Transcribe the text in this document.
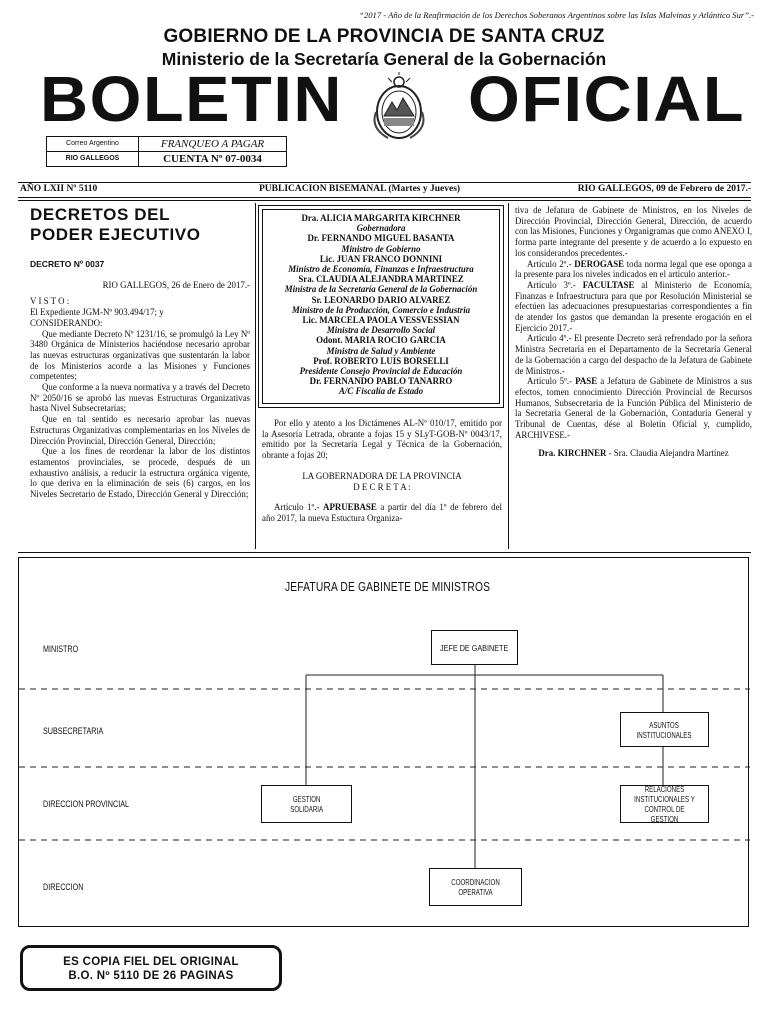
“2017 - Año de la Reafirmación de los Derechos Soberanos Argentinos sobre las Islas Malvinas y Atlántico Sur”.-
GOBIERNO DE LA PROVINCIA DE SANTA CRUZ
Ministerio de la Secretaría General de la Gobernación
BOLETIN OFICIAL
Correo Argentino	FRANQUEO A PAGAR
RIO GALLEGOS	CUENTA Nº 07-0034
AÑO LXII Nº 5110	PUBLICACION BISEMANAL (Martes y Jueves)	RIO GALLEGOS, 09 de Febrero de 2017.-
DECRETOS DEL
PODER EJECUTIVO
DECRETO Nº 0037

RIO GALLEGOS, 26 de Enero de 2017.-

V I S T O :

El Expediente JGM-Nº 903.494/17; y

CONSIDERANDO:

Que mediante Decreto Nº 1231/16, se promulgó la Ley Nº 3480 Orgánica de Ministerios haciéndose necesario aprobar las nuevas estructuras organizativas que sustentarán la labor de los Ministerios acorde a las Misiones y Funciones competentes;

Que conforme a la nueva normativa y a través del Decreto Nº 2050/16 se aprobó las nuevas Estructuras Organizativas hasta Nivel Subsecretarías;

Que en tal sentido es necesario aprobar las nuevas Estructuras Organizativas complementarias en los Niveles de Dirección Provincial, Dirección General, Dirección;

Que a los fines de reordenar la labor de los distintos estamentos provinciales, se procede, después de un exhaustivo análisis, a reducir la estructura orgánica vigente, lo que deriva en la eliminación de seis (6) cargos, en los Niveles Secretario de Estado, Dirección General y Dirección;

Dra. ALICIA MARGARITA KIRCHNER
Gobernadora
Dr. FERNANDO MIGUEL BASANTA
Ministro de Gobierno
Lic. JUAN FRANCO DONNINI
Ministro de Economía, Finanzas e Infraestructura
Sra. CLAUDIA ALEJANDRA MARTINEZ
Ministra de la Secretaría General de la Gobernación
Sr. LEONARDO DARIO ALVAREZ
Ministro de la Producción, Comercio e Industria
Lic. MARCELA PAOLA VESSVESSIAN
Ministra de Desarrollo Social
Odont. MARIA ROCIO GARCIA
Ministra de Salud y Ambiente
Prof. ROBERTO LUIS BORSELLI
Presidente Consejo Provincial de Educación
Dr. FERNANDO PABLO TANARRO
A/C Fiscalía de Estado

Por ello y atento a los Dictámenes AL-Nº 010/17, emitido por la Asesoría Letrada, obrante a fojas 15 y SLyT-GOB-Nº 0043/17, emitido por la Secretaría Legal y Técnica de la Gobernación, obrante a fojas 20;

LA GOBERNADORA DE LA PROVINCIA

D E C R E T A :

Artículo 1º.- APRUEBASE a partir del día 1º de febrero del año 2017, la nueva Estuctura Organiza-

tiva de Jefatura de Gabinete de Ministros, en los Niveles de Dirección Provincial, Dirección General, Dirección, de acuerdo con las Misiones, Funciones y Organigramas que como ANEXO I, forma parte integrante del presente y de acuerdo a lo expuesto en los considerandos precedentes.-

Artículo 2º.- DEROGASE toda norma legal que ese oponga a la presente para los niveles indicados en el artículo anterior.-

Artículo 3º.- FACULTASE al Ministerio de Economía, Finanzas e Infraestructura para que por Resolución Ministerial se efectúen las adecuaciones presupuestarias correspondientes a fin de atender los gastos que demandan la presente erogación en el Ejercicio 2017.-

Artículo 4º.- El presente Decreto será refrendado por la señora Ministra Secretaria en el Departamento de la Secretaría General de la Gobernación a cargo del despacho de la Jefatura de Gabinete de Ministros.-

Artículo 5º.- PASE a Jefatura de Gabinete de Ministros a sus efectos, tomen conocimiento Dirección Provincial de Recursos Humanos, Subsecretaria de la Función Pública del Ministerio de la Secretaria General de la Gobernación, Contaduría General y Tribunal de Cuentas, dése al Boletín Oficial y, cumplido, ARCHIVESE.-

Dra. KIRCHNER - Sra. Claudia Alejandra Martínez

JEFATURA DE GABINETE DE MINISTROS
MINISTRO
SUBSECRETARIA
DIRECCION PROVINCIAL
DIRECCION
JEFE DE GABINETE
ASUNTOS
INSTITUCIONALES
GESTION
SOLIDARIA
RELACIONES
INSTITUCIONALES Y
CONTROL DE GESTION
COORDINACION
OPERATIVA
ES COPIA FIEL DEL ORIGINAL
B.O. Nº 5110 DE 26 PAGINAS
